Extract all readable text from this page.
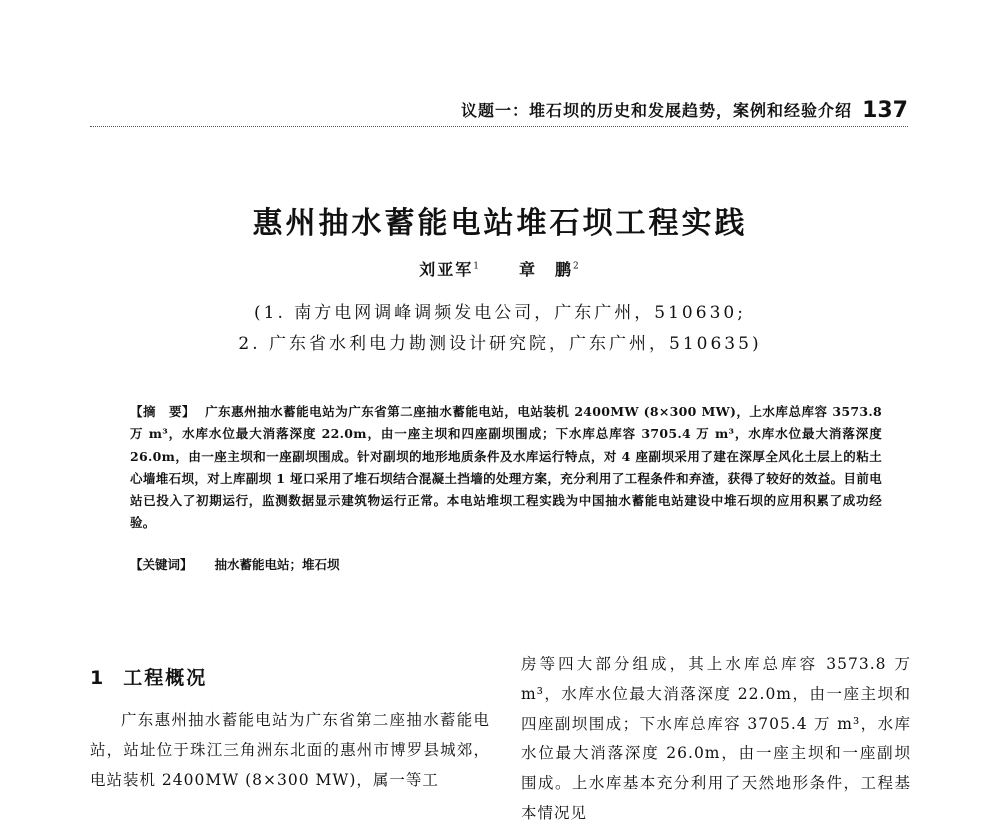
议题一：堆石坝的历史和发展趋势，案例和经验介绍 137
惠州抽水蓄能电站堆石坝工程实践
刘亚军$^1$ 章　鹏$^2$
(1. 南方电网调峰调频发电公司，广东广州，510630;
2. 广东省水利电力勘测设计研究院，广东广州，510635)

【摘　要】 广东惠州抽水蓄能电站为广东省第二座抽水蓄能电站，电站装机 2400MW (8×300 MW)，上水库总库容 3573.8 万 m³，水库水位最大消落深度 22.0m，由一座主坝和四座副坝围成；下水库总库容 3705.4 万 m³，水库水位最大消落深度 26.0m，由一座主坝和一座副坝围成。针对副坝的地形地质条件及水库运行特点，对 4 座副坝采用了建在深厚全风化土层上的粘土心墙堆石坝，对上库副坝 1 垭口采用了堆石坝结合混凝土挡墙的处理方案，充分利用了工程条件和弃渣，获得了较好的效益。目前电站已投入了初期运行，监测数据显示建筑物运行正常。本电站堆坝工程实践为中国抽水蓄能电站建设中堆石坝的应用积累了成功经验。

【关键词】 抽水蓄能电站；堆石坝
1 工程概况

广东惠州抽水蓄能电站为广东省第二座抽水蓄能电站，站址位于珠江三角洲东北面的惠州市博罗县城郊，电站装机 2400MW (8×300 MW)，属一等工

房等四大部分组成，其上水库总库容 3573.8 万 m³，水库水位最大消落深度 22.0m，由一座主坝和四座副坝围成；下水库总库容 3705.4 万 m³，水库水位最大消落深度 26.0m，由一座主坝和一座副坝围成。上水库基本充分利用了天然地形条件，工程基本情况见
